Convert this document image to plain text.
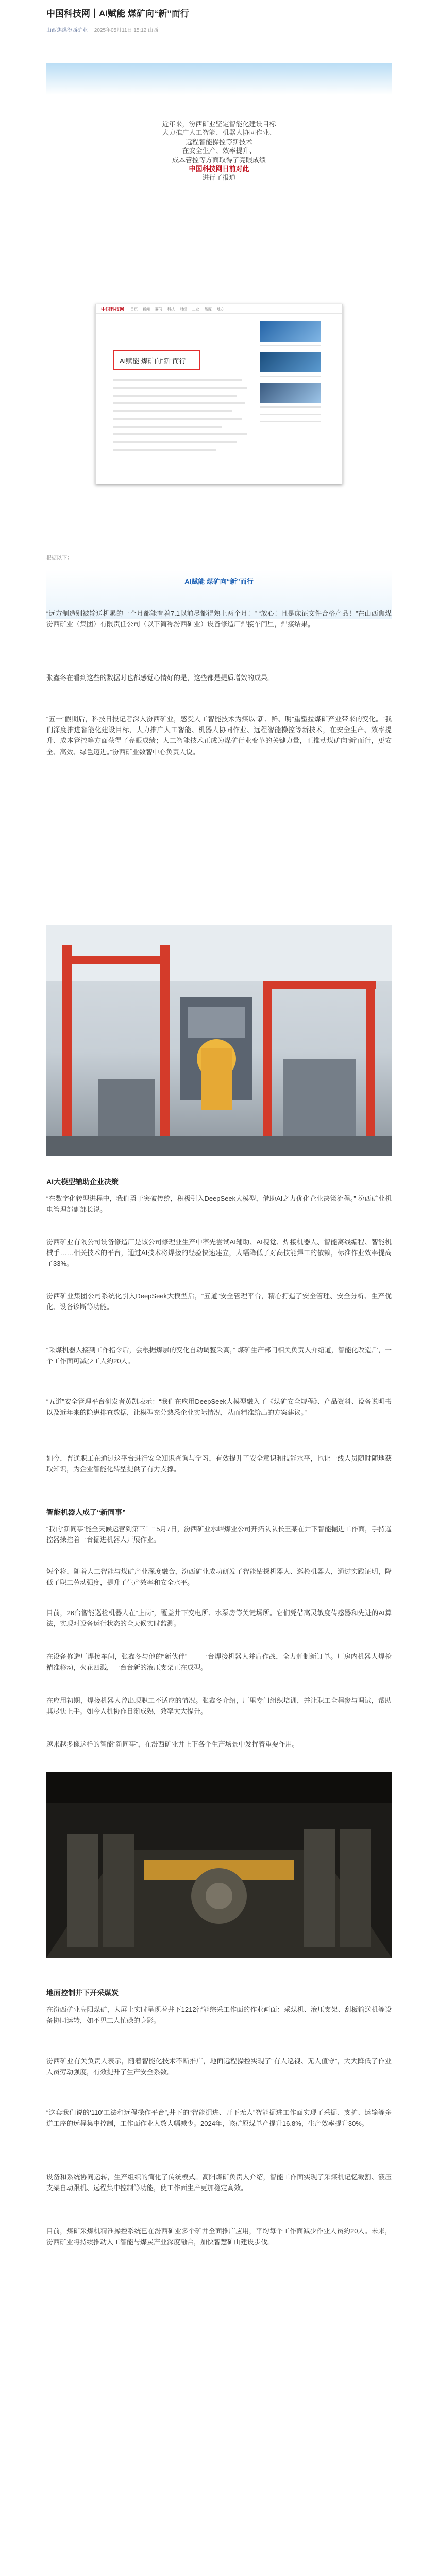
中国科技网｜AI赋能 煤矿向“新”而行
山西焦煤汾西矿业 2025年05月11日 15:12 山西

近年来，汾西矿业坚定智能化建设目标

大力推广人工智能、机器人协同作业、

远程智能操控等新技术

在安全生产、效率提升、

成本管控等方面取得了亮眼成绩

中国科技网日前对此

进行了报道

中国科技网 首页 新闻 要闻 科技 财经 工业 能源 地方
AI赋能 煤矿向“新”而行
根据以下：
AI赋能 煤矿向“新”而行
“远方制造别被输送机累的一个月都能有着7.1以前尽都得熟上两个月！” “放心！且是床证文件合格产品！”在山西焦煤汾西矿业（集团）有限责任公司（以下简称汾西矿业）设备修造厂焊接车间里，焊接结果。
张鑫冬在看到这些的数据时也都感觉心情好的是，这些都是提质增效的成果。
“五一”假期后，科技日报记者深入汾西矿业，感受人工智能技术为煤以“新、鲜、明”重塑拉煤矿产业带来的变化。“我们深度推进智能化建设目标，大力推广人工智能、机器人协同作业、远程智能操控等新技术，在安全生产、效率提升、成本管控等方面获得了亮眼成绩；人工智能技术正成为煤矿行业变革的关键力量，正推动煤矿向‘新’而行，更安全、高效、绿色迈进。”汾西矿业数智中心负责人说。
AI大模型辅助企业决策
“在数字化转型进程中，我们勇于突破传统，积极引入DeepSeek大模型，借助AI之力优化企业决策流程。” 汾西矿业机电管理部副部长说。
汾西矿业有限公司设备修造厂是该公司修理业生产中率先尝试AI辅助、AI视觉、焊接机器人、智能离线编程、智能机械手……相关技术的平台，通过AI技术将焊接的经验快速建立，大幅降低了对高技能焊工的依赖，标准作业效率提高了33%。
汾西矿业集团公司系统化引入DeepSeek大模型后，“五道”安全管理平台，精心打造了安全管理、安全分析、生产优化、设备诊断等功能。
“采煤机器人接到工作指令后，会根据煤层的变化自动调整采高，” 煤矿生产部门相关负责人介绍道，智能化改造后，一个工作面可减少工人约20人。
“五道”安全管理平台研发者黄凯表示：“我们在应用DeepSeek大模型融入了《煤矿安全规程》、产品资料、设备说明书以及近年来的隐患排查数据，让模型充分熟悉企业实际情况，从而精准给出的方案建议。”
如今，普通职工在通过这平台进行安全知识查询与学习，有效提升了安全意识和技能水平，也让一线人员随时随地获取知识，为企业智能化转型提供了有力支撑。
智能机器人成了“新同事”
“我的‘新同事’能全天候运营到第三！” 5月7日，汾西矿业水峪煤业公司开拓队队长王某在井下智能掘进工作面，手持遥控器操控着一台掘进机器人开展作业。
短个将，随着人工智能与煤矿产业深度融合，汾西矿业成功研发了智能钻探机器人、巡检机器人，通过实践证明，降低了职工劳动强度，提升了生产效率和安全水平。
目前，26台智能巡检机器人在“上岗”，覆盖井下变电所、水泵房等关键场所。它们凭借高灵敏度传感器和先进的AI算法，实现对设备运行状态的全天候实时监测。
在设备修造厂焊接车间，张鑫冬与他的“新伙伴”——一台焊接机器人并肩作战，全力赶制新订单。厂房内机器人焊枪精准移动，火花四溅，一台台新的液压支架正在成型。
在应用初期，焊接机器人曾出现职工不适应的情况。张鑫冬介绍，厂里专门组织培训，并让职工全程参与调试，帮助其尽快上手。如今人机协作日渐成熟，效率大大提升。
越来越多像这样的智能“新同事”，在汾西矿业井上下各个生产场景中发挥着重要作用。
地面控制井下开采煤炭
在汾西矿业高阳煤矿，大屏上实时呈现着井下1212智能综采工作面的作业画面：采煤机、液压支架、刮板输送机等设备协同运转，如不见工人忙碌的身影。
汾西矿业有关负责人表示，随着智能化技术不断推广，地面远程操控实现了“有人巡视、无人值守”，大大降低了作业人员劳动强度，有效提升了生产安全系数。
“这套我们说的‘110’工法和远程操作平台”,井下的“智能掘进、开下无人”智能掘进工作面实现了采掘、支护、运输等多道工序的远程集中控制，工作面作业人数大幅减少。2024年，该矿原煤单产提升16.8%，生产效率提升30%。
设备和系统协同运转，生产组织的简化了传统模式。高阳煤矿负责人介绍，智能工作面实现了采煤机记忆截割、液压支架自动跟机、远程集中控制等功能，使工作面生产更加稳定高效。
目前，煤矿采煤机精准操控系统已在汾西矿业多个矿井全面推广应用，平均每个工作面减少作业人员约20人。未来，汾西矿业将持续推动人工智能与煤炭产业深度融合，加快智慧矿山建设步伐。
